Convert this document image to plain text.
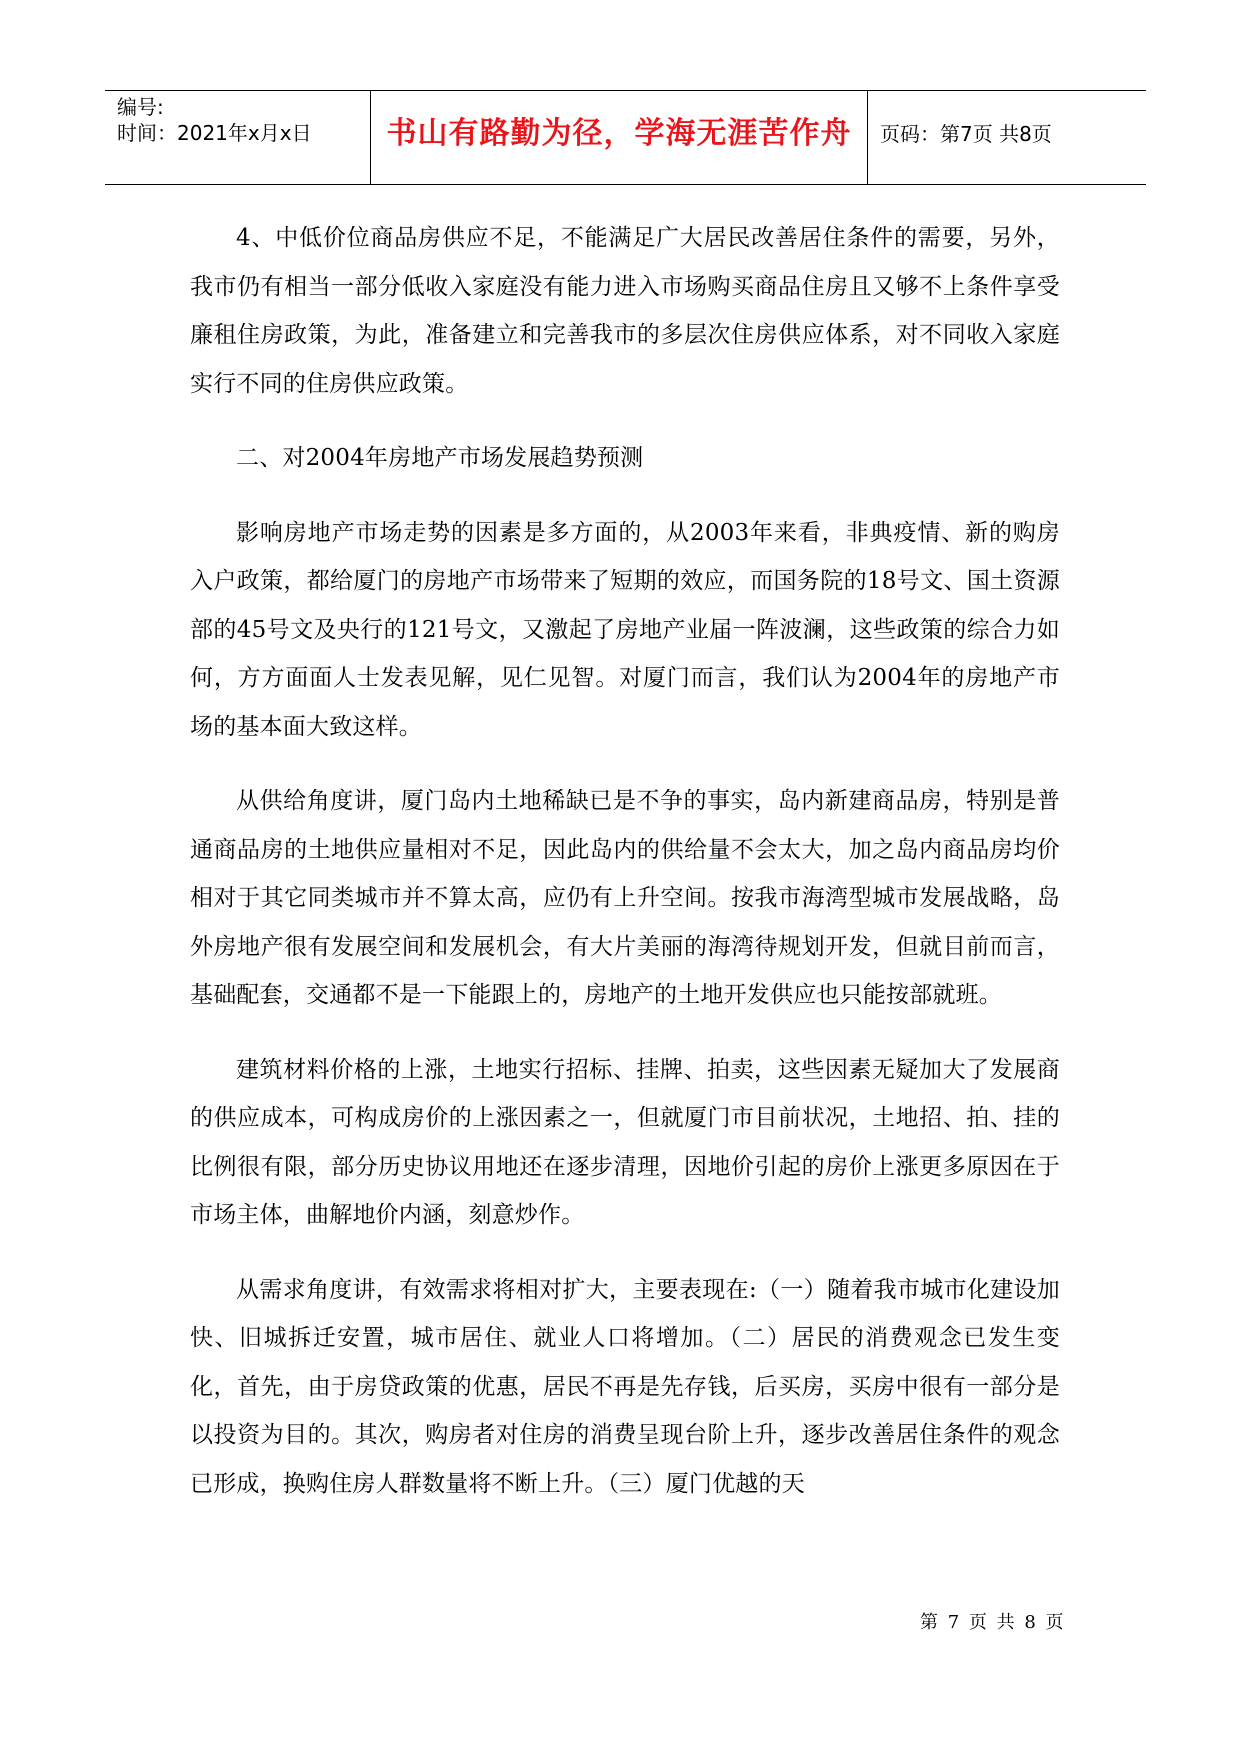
编号:
时间：2021年x月x日	书山有路勤为径，学海无涯苦作舟	页码：第7页 共8页

4、中低价位商品房供应不足，不能满足广大居民改善居住条件的需要，另外，我市仍有相当一部分低收入家庭没有能力进入市场购买商品住房且又够不上条件享受廉租住房政策，为此，准备建立和完善我市的多层次住房供应体系，对不同收入家庭实行不同的住房供应政策。

二、对2004年房地产市场发展趋势预测

影响房地产市场走势的因素是多方面的，从2003年来看，非典疫情、新的购房入户政策，都给厦门的房地产市场带来了短期的效应，而国务院的18号文、国土资源部的45号文及央行的121号文，又激起了房地产业届一阵波澜，这些政策的综合力如何，方方面面人士发表见解，见仁见智。对厦门而言，我们认为2004年的房地产市场的基本面大致这样。

从供给角度讲，厦门岛内土地稀缺已是不争的事实，岛内新建商品房，特别是普通商品房的土地供应量相对不足，因此岛内的供给量不会太大，加之岛内商品房均价相对于其它同类城市并不算太高，应仍有上升空间。按我市海湾型城市发展战略，岛外房地产很有发展空间和发展机会，有大片美丽的海湾待规划开发，但就目前而言，基础配套，交通都不是一下能跟上的，房地产的土地开发供应也只能按部就班。

建筑材料价格的上涨，土地实行招标、挂牌、拍卖，这些因素无疑加大了发展商的供应成本，可构成房价的上涨因素之一，但就厦门市目前状况，土地招、拍、挂的比例很有限，部分历史协议用地还在逐步清理，因地价引起的房价上涨更多原因在于市场主体，曲解地价内涵，刻意炒作。

从需求角度讲，有效需求将相对扩大，主要表现在:（一）随着我市城市化建设加快、旧城拆迁安置，城市居住、就业人口将增加。（二）居民的消费观念已发生变化，首先，由于房贷政策的优惠，居民不再是先存钱，后买房，买房中很有一部分是以投资为目的。其次，购房者对住房的消费呈现台阶上升，逐步改善居住条件的观念已形成，换购住房人群数量将不断上升。（三）厦门优越的天

第 7 页 共 8 页
